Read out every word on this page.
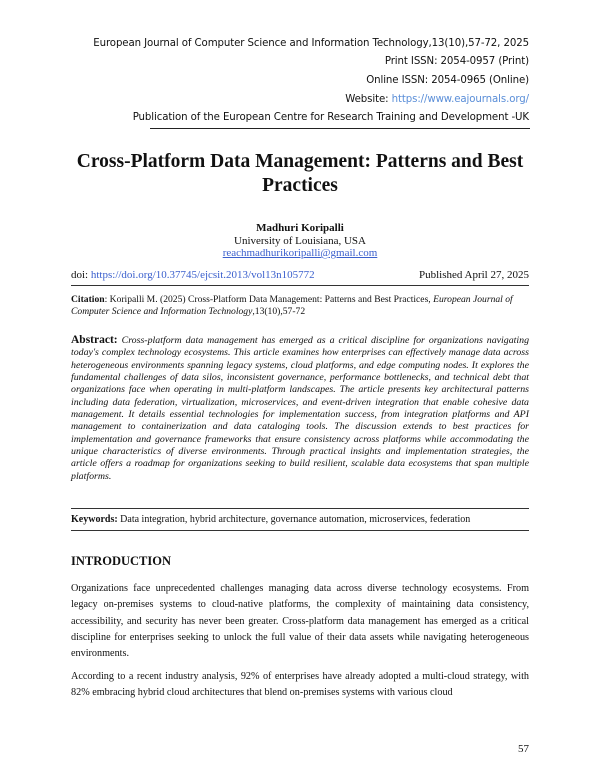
European Journal of Computer Science and Information Technology,13(10),57-72, 2025
Print ISSN: 2054-0957 (Print)
Online ISSN: 2054-0965 (Online)
Website: https://www.eajournals.org/
Publication of the European Centre for Research Training and Development -UK
Cross-Platform Data Management: Patterns and Best Practices
Madhuri Koripalli
University of Louisiana, USA
reachmadhurikoripalli@gmail.com
doi: https://doi.org/10.37745/ejcsit.2013/vol13n105772	Published April 27, 2025
Citation: Koripalli M. (2025) Cross-Platform Data Management: Patterns and Best Practices, European Journal of Computer Science and Information Technology,13(10),57-72
Abstract: Cross-platform data management has emerged as a critical discipline for organizations navigating today's complex technology ecosystems. This article examines how enterprises can effectively manage data across heterogeneous environments spanning legacy systems, cloud platforms, and edge computing nodes. It explores the fundamental challenges of data silos, inconsistent governance, performance bottlenecks, and technical debt that organizations face when operating in multi-platform landscapes. The article presents key architectural patterns including data federation, virtualization, microservices, and event-driven integration that enable cohesive data management. It details essential technologies for implementation success, from integration platforms and API management to containerization and data cataloging tools. The discussion extends to best practices for implementation and governance frameworks that ensure consistency across platforms while accommodating the unique characteristics of diverse environments. Through practical insights and implementation strategies, the article offers a roadmap for organizations seeking to build resilient, scalable data ecosystems that span multiple platforms.
Keywords: Data integration, hybrid architecture, governance automation, microservices, federation
INTRODUCTION
Organizations face unprecedented challenges managing data across diverse technology ecosystems. From legacy on-premises systems to cloud-native platforms, the complexity of maintaining data consistency, accessibility, and security has never been greater. Cross-platform data management has emerged as a critical discipline for enterprises seeking to unlock the full value of their data assets while navigating heterogeneous environments.
According to a recent industry analysis, 92% of enterprises have already adopted a multi-cloud strategy, with 82% embracing hybrid cloud architectures that blend on-premises systems with various cloud
57
